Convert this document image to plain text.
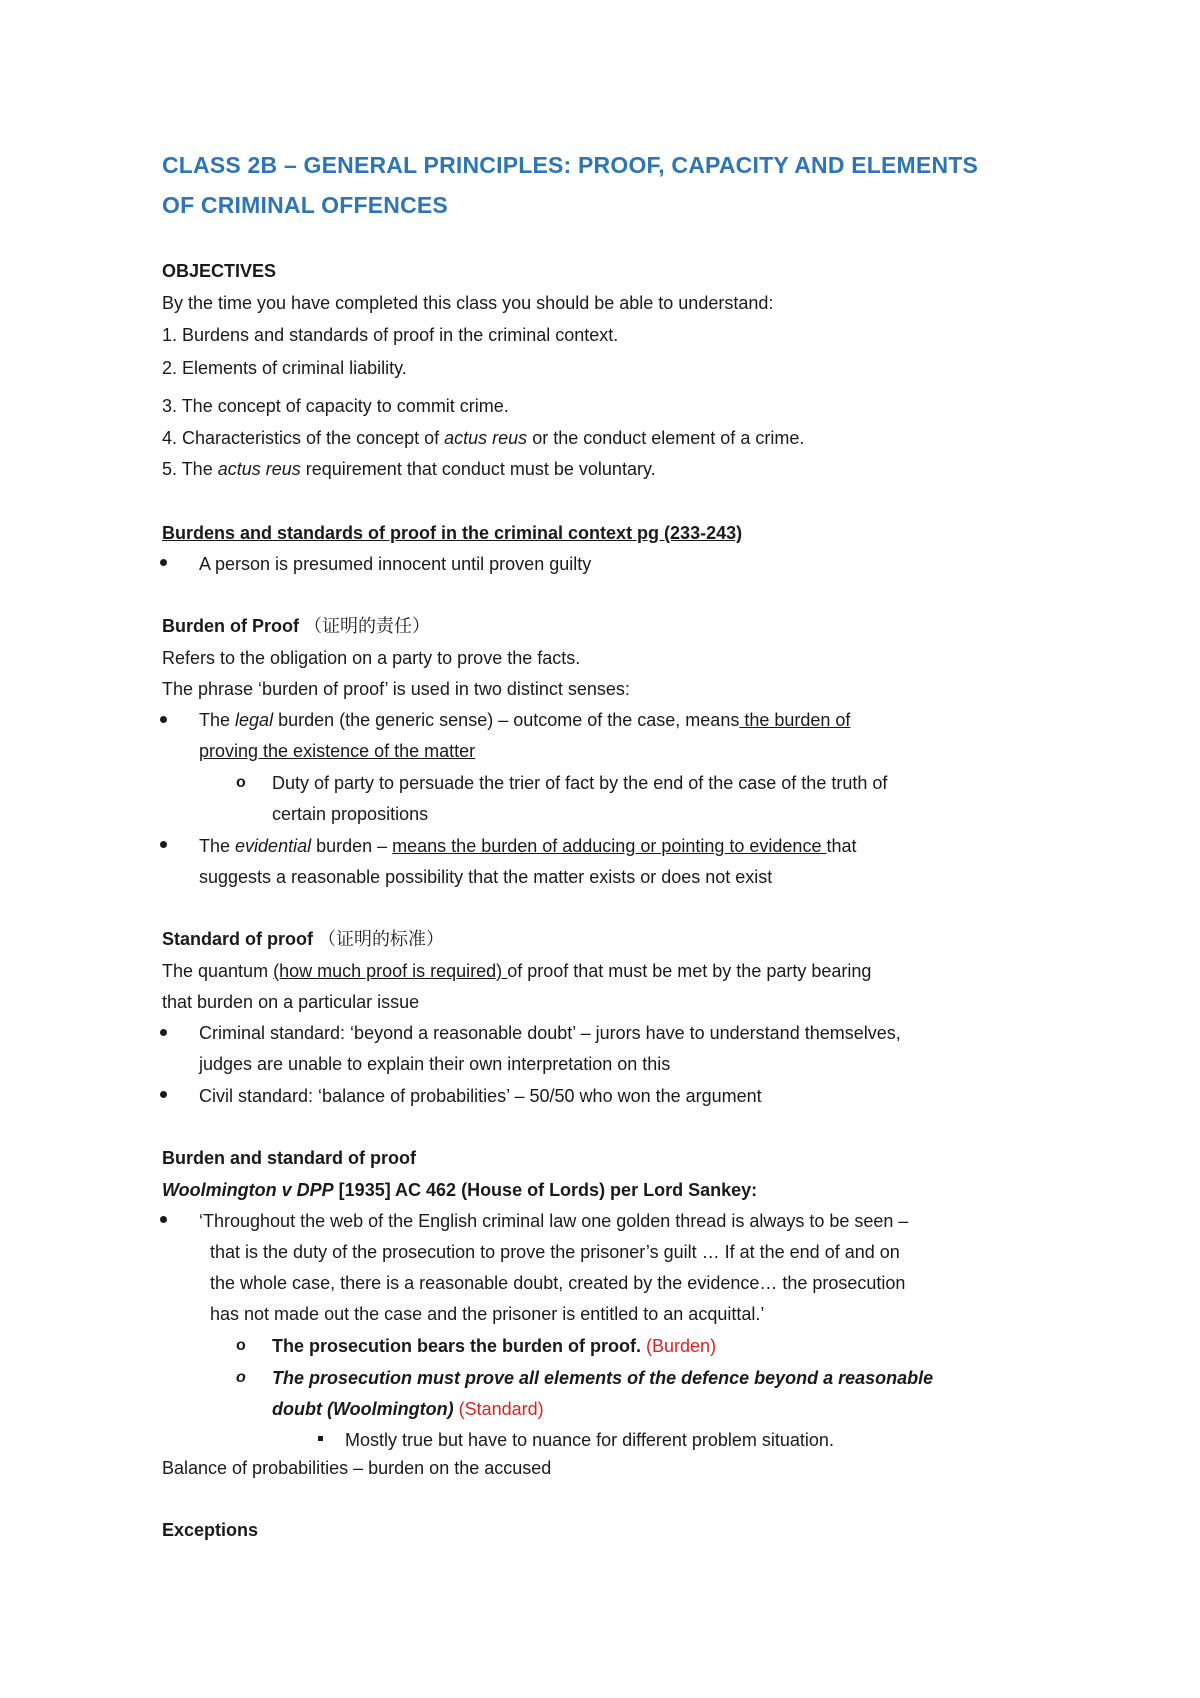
CLASS 2B – GENERAL PRINCIPLES: PROOF, CAPACITY AND ELEMENTS
OF CRIMINAL OFFENCES
OBJECTIVES
By the time you have completed this class you should be able to understand:
1. Burdens and standards of proof in the criminal context.
2. Elements of criminal liability.
3. The concept of capacity to commit crime.
4. Characteristics of the concept of actus reus or the conduct element of a crime.
5. The actus reus requirement that conduct must be voluntary.
Burdens and standards of proof in the criminal context pg (233-243)
A person is presumed innocent until proven guilty
Burden of Proof （证明的责任）
Refers to the obligation on a party to prove the facts.
The phrase ‘burden of proof’ is used in two distinct senses:
The legal burden (the generic sense) – outcome of the case, means the burden of
proving the existence of the matter
o Duty of party to persuade the trier of fact by the end of the case of the truth of
certain propositions
The evidential burden – means the burden of adducing or pointing to evidence that
suggests a reasonable possibility that the matter exists or does not exist
Standard of proof （证明的标准）
The quantum (how much proof is required) of proof that must be met by the party bearing
that burden on a particular issue
Criminal standard: ‘beyond a reasonable doubt’ – jurors have to understand themselves,
judges are unable to explain their own interpretation on this
Civil standard: ‘balance of probabilities’ – 50/50 who won the argument
Burden and standard of proof
Woolmington v DPP [1935] AC 462 (House of Lords) per Lord Sankey:
‘Throughout the web of the English criminal law one golden thread is always to be seen –
that is the duty of the prosecution to prove the prisoner’s guilt … If at the end of and on
the whole case, there is a reasonable doubt, created by the evidence… the prosecution
has not made out the case and the prisoner is entitled to an acquittal.’
o The prosecution bears the burden of proof. (Burden)
o The prosecution must prove all elements of the defence beyond a reasonable
doubt (Woolmington) (Standard)
Mostly true but have to nuance for different problem situation.
Balance of probabilities – burden on the accused
Exceptions
